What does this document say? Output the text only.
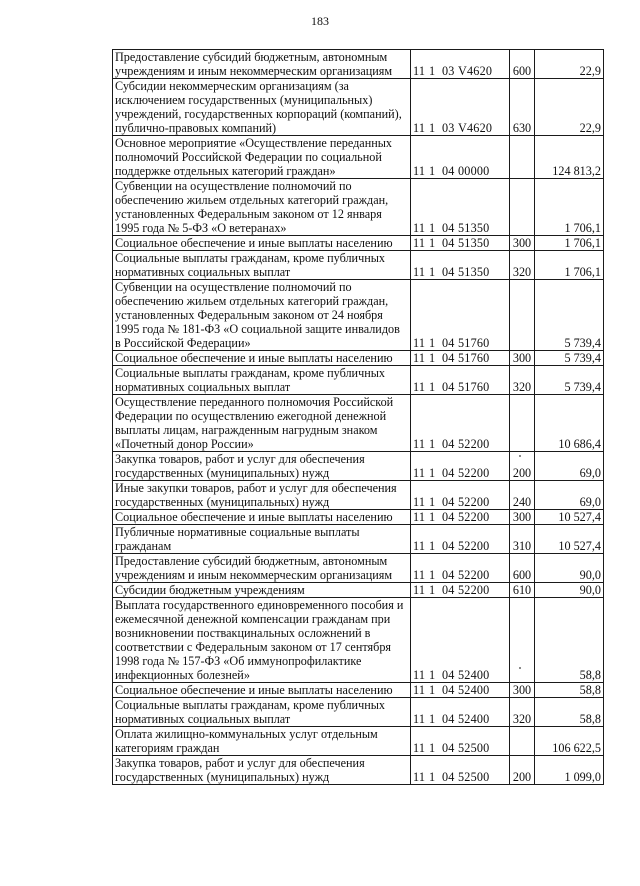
183
Предоставление субсидий бюджетным, автономным учреждениям и иным некоммерческим организациям	11 1 03 V4620	600	22,9
Субсидии некоммерческим организациям (за исключением государственных (муниципальных) учреждений, государственных корпораций (компаний), публично-правовых компаний)	11 1 03 V4620	630	22,9
Основное мероприятие «Осуществление переданных полномочий Российской Федерации по социальной поддержке отдельных категорий граждан»	11 1 04 00000		124 813,2
Субвенции на осуществление полномочий по обеспечению жильем отдельных категорий граждан, установленных Федеральным законом от 12 января 1995 года № 5-ФЗ «О ветеранах»	11 1 04 51350		1 706,1
Социальное обеспечение и иные выплаты населению	11 1 04 51350	300	1 706,1
Социальные выплаты гражданам, кроме публичных нормативных социальных выплат	11 1 04 51350	320	1 706,1
Субвенции на осуществление полномочий по обеспечению жильем отдельных категорий граждан, установленных Федеральным законом от 24 ноября 1995 года № 181-ФЗ «О социальной защите инвалидов в Российской Федерации»	11 1 04 51760		5 739,4
Социальное обеспечение и иные выплаты населению	11 1 04 51760	300	5 739,4
Социальные выплаты гражданам, кроме публичных нормативных социальных выплат	11 1 04 51760	320	5 739,4
Осуществление переданного полномочия Российской Федерации по осуществлению ежегодной денежной выплаты лицам, награжденным нагрудным знаком «Почетный донор России»	11 1 04 52200		10 686,4
Закупка товаров, работ и услуг для обеспечения государственных (муниципальных) нужд	11 1 04 52200	200	69,0
Иные закупки товаров, работ и услуг для обеспечения государственных (муниципальных) нужд	11 1 04 52200	240	69,0
Социальное обеспечение и иные выплаты населению	11 1 04 52200	300	10 527,4
Публичные нормативные социальные выплаты гражданам	11 1 04 52200	310	10 527,4
Предоставление субсидий бюджетным, автономным учреждениям и иным некоммерческим организациям	11 1 04 52200	600	90,0
Субсидии бюджетным учреждениям	11 1 04 52200	610	90,0
Выплата государственного единовременного пособия и ежемесячной денежной компенсации гражданам при возникновении поствакцинальных осложнений в соответствии с Федеральным законом от 17 сентября 1998 года № 157-ФЗ «Об иммунопрофилактике инфекционных болезней»	11 1 04 52400		58,8
Социальное обеспечение и иные выплаты населению	11 1 04 52400	300	58,8
Социальные выплаты гражданам, кроме публичных нормативных социальных выплат	11 1 04 52400	320	58,8
Оплата жилищно-коммунальных услуг отдельным категориям граждан	11 1 04 52500		106 622,5
Закупка товаров, работ и услуг для обеспечения государственных (муниципальных) нужд	11 1 04 52500	200	1 099,0
